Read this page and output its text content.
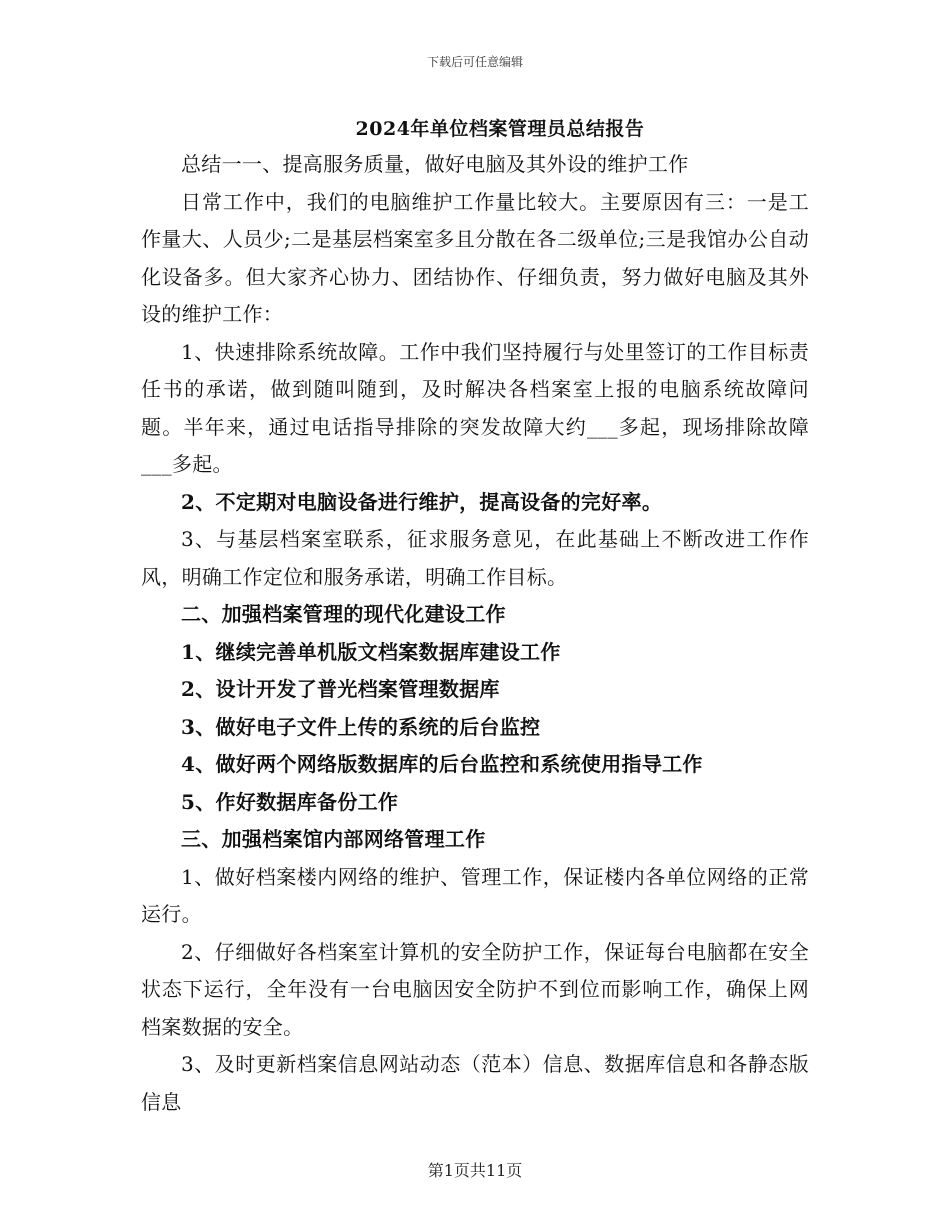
下载后可任意编辑
2024年单位档案管理员总结报告

总结一一、提高服务质量，做好电脑及其外设的维护工作

日常工作中，我们的电脑维护工作量比较大。主要原因有三：一是工作量大、人员少;二是基层档案室多且分散在各二级单位;三是我馆办公自动化设备多。但大家齐心协力、团结协作、仔细负责，努力做好电脑及其外设的维护工作：

1、快速排除系统故障。工作中我们坚持履行与处里签订的工作目标责任书的承诺，做到随叫随到，及时解决各档案室上报的电脑系统故障问题。半年来，通过电话指导排除的突发故障大约___多起，现场排除故障___多起。

2、不定期对电脑设备进行维护，提高设备的完好率。

3、与基层档案室联系，征求服务意见，在此基础上不断改进工作作风，明确工作定位和服务承诺，明确工作目标。

二、加强档案管理的现代化建设工作

1、继续完善单机版文档案数据库建设工作

2、设计开发了普光档案管理数据库

3、做好电子文件上传的系统的后台监控

4、做好两个网络版数据库的后台监控和系统使用指导工作

5、作好数据库备份工作

三、加强档案馆内部网络管理工作

1、做好档案楼内网络的维护、管理工作，保证楼内各单位网络的正常运行。

2、仔细做好各档案室计算机的安全防护工作，保证每台电脑都在安全状态下运行，全年没有一台电脑因安全防护不到位而影响工作，确保上网档案数据的安全。

3、及时更新档案信息网站动态（范本）信息、数据库信息和各静态版信息

第1页共11页
